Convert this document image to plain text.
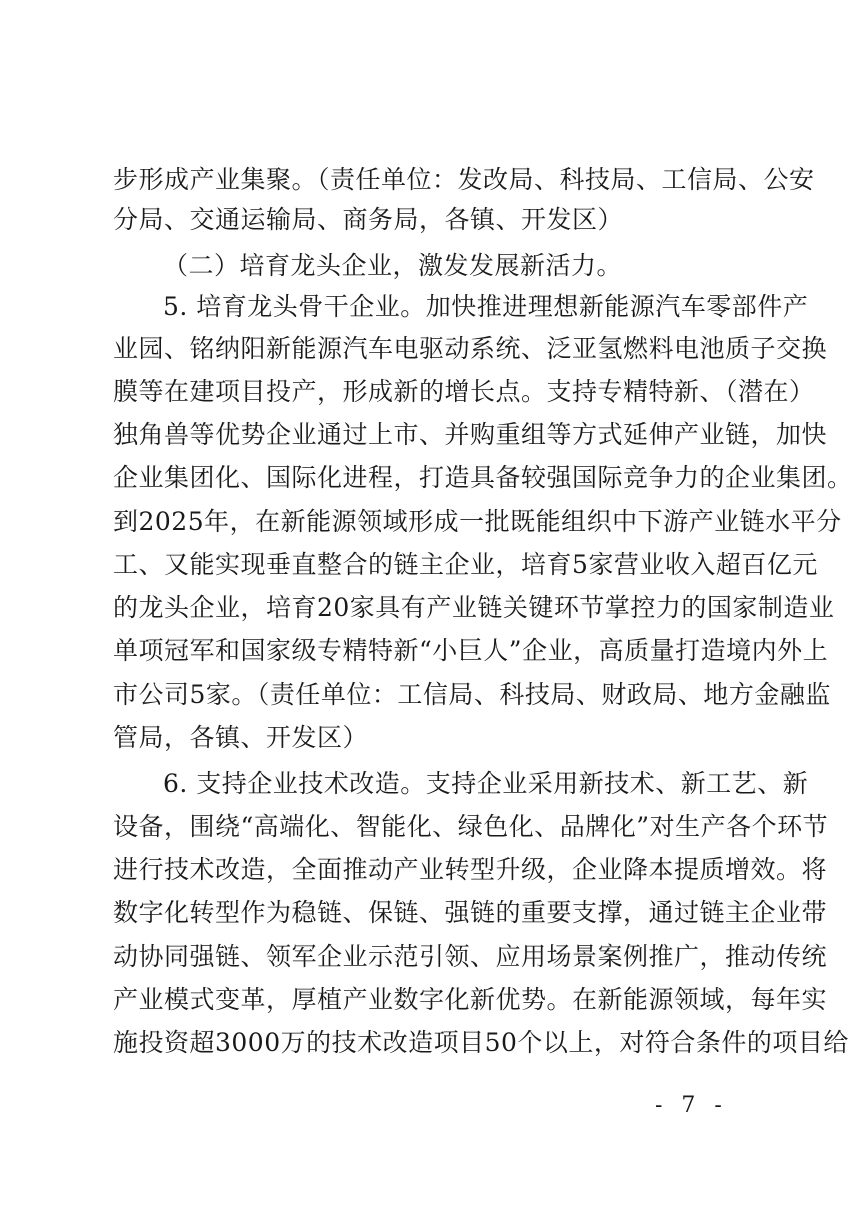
步形成产业集聚。（责任单位：发改局、科技局、工信局、公安
分局、交通运输局、商务局，各镇、开发区）
（二）培育龙头企业，激发发展新活力。
5. 培育龙头骨干企业。加快推进理想新能源汽车零部件产
业园、铭纳阳新能源汽车电驱动系统、泛亚氢燃料电池质子交换
膜等在建项目投产，形成新的增长点。支持专精特新、（潜在）
独角兽等优势企业通过上市、并购重组等方式延伸产业链，加快
企业集团化、国际化进程，打造具备较强国际竞争力的企业集团。
到2025年，在新能源领域形成一批既能组织中下游产业链水平分
工、又能实现垂直整合的链主企业，培育5家营业收入超百亿元
的龙头企业，培育20家具有产业链关键环节掌控力的国家制造业
单项冠军和国家级专精特新“小巨人”企业，高质量打造境内外上
市公司5家。（责任单位：工信局、科技局、财政局、地方金融监
管局，各镇、开发区）
6. 支持企业技术改造。支持企业采用新技术、新工艺、新
设备，围绕“高端化、智能化、绿色化、品牌化”对生产各个环节
进行技术改造，全面推动产业转型升级，企业降本提质增效。将
数字化转型作为稳链、保链、强链的重要支撑，通过链主企业带
动协同强链、领军企业示范引领、应用场景案例推广，推动传统
产业模式变革，厚植产业数字化新优势。在新能源领域，每年实
施投资超3000万的技术改造项目50个以上，对符合条件的项目给
- 7 -
